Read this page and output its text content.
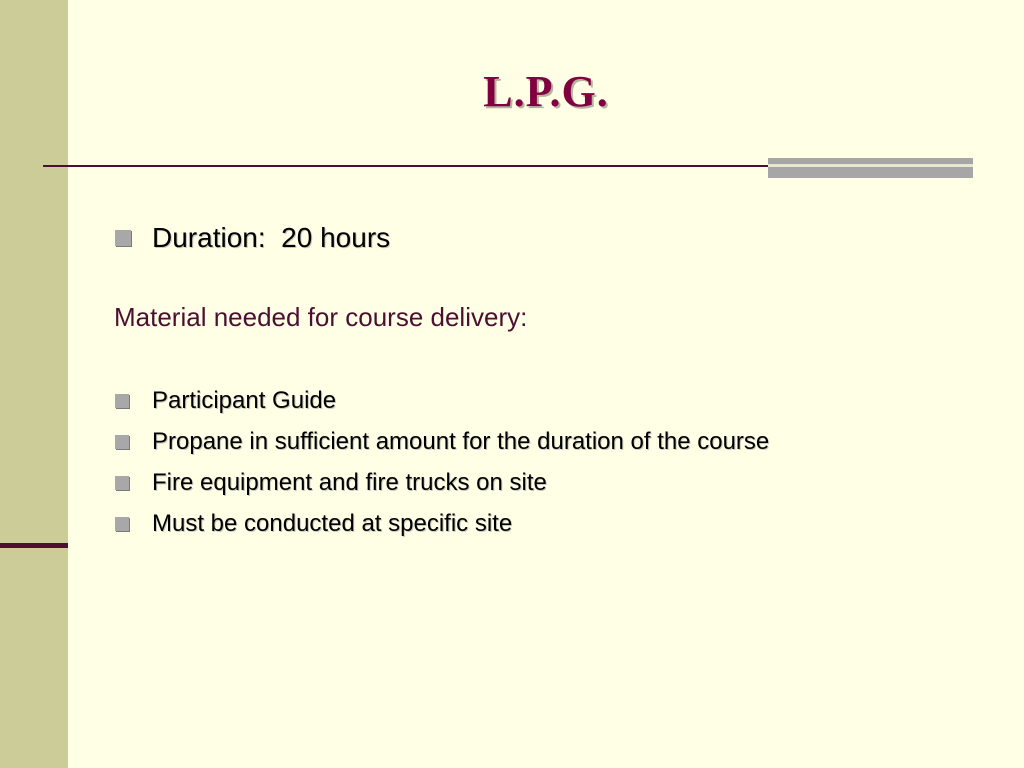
L.P.G.
Duration:  20 hours

Material needed for course delivery:

Participant Guide
Propane in sufficient amount for the duration of the course
Fire equipment and fire trucks on site
Must be conducted at specific site
